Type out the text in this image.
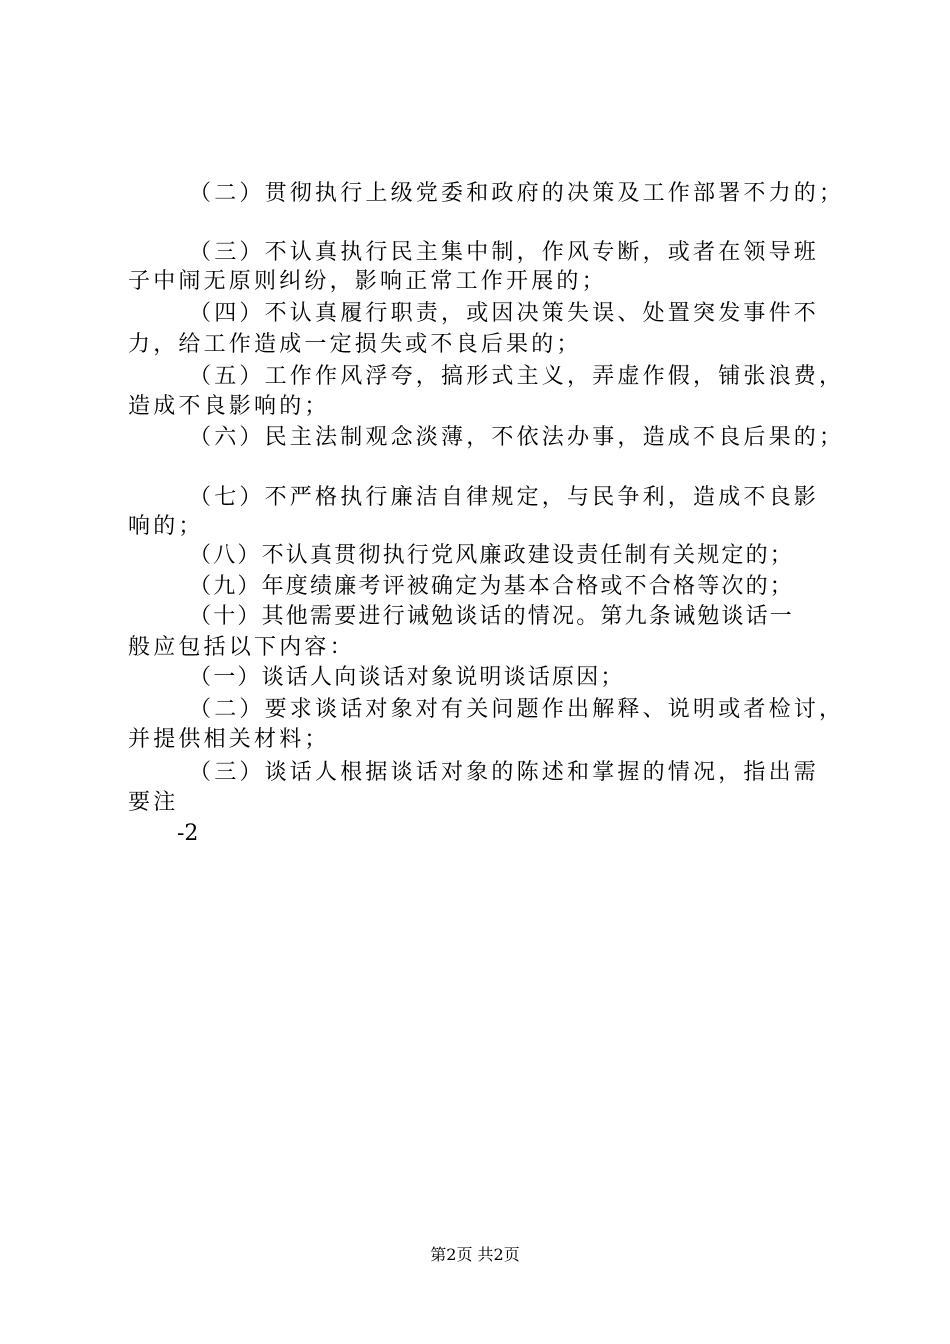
（二）贯彻执行上级党委和政府的决策及工作部署不力的；
（三）不认真执行民主集中制，作风专断，或者在领导班
子中闹无原则纠纷，影响正常工作开展的；
（四）不认真履行职责，或因决策失误、处置突发事件不
力，给工作造成一定损失或不良后果的；
（五）工作作风浮夸，搞形式主义，弄虚作假，铺张浪费，
造成不良影响的；
（六）民主法制观念淡薄，不依法办事，造成不良后果的；
（七）不严格执行廉洁自律规定，与民争利，造成不良影
响的；
（八）不认真贯彻执行党风廉政建设责任制有关规定的；
（九）年度绩廉考评被确定为基本合格或不合格等次的；
（十）其他需要进行诫勉谈话的情况。第九条诫勉谈话一
般应包括以下内容：
（一）谈话人向谈话对象说明谈话原因；
（二）要求谈话对象对有关问题作出解释、说明或者检讨，
并提供相关材料；
（三）谈话人根据谈话对象的陈述和掌握的情况，指出需
要注
-2
第2页 共2页
